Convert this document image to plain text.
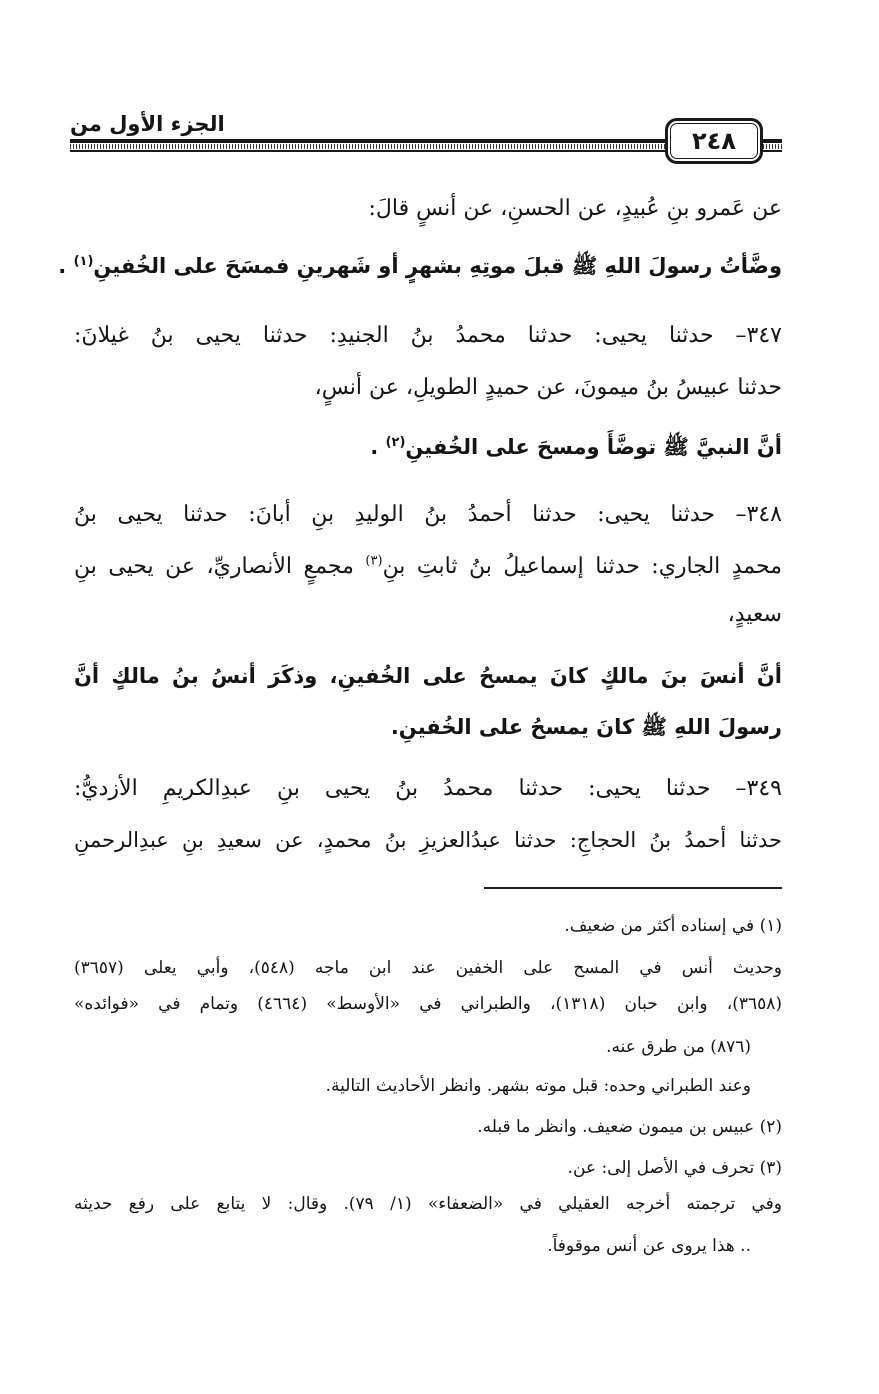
الجزء الأول من
٢٤٨
عن عَمرو بنِ عُبيدٍ، عن الحسنِ، عن أنسٍ قالَ:
وضَّأتُ رسولَ اللهِ ﷺ قبلَ موتِهِ بشهرٍ أو شَهرينِ فمسَحَ على الخُفينِ$^{(١)}$ .
٣٤٧– حدثنا يحيى: حدثنا محمدُ بنُ الجنيدِ: حدثنا يحيى بنُ غيلانَ:
حدثنا عبيسُ بنُ ميمونَ، عن حميدٍ الطويلِ، عن أنسٍ،
أنَّ النبيَّ ﷺ توضَّأَ ومسحَ على الخُفينِ$^{(٢)}$ .
٣٤٨– حدثنا يحيى: حدثنا أحمدُ بنُ الوليدِ بنِ أبانَ: حدثنا يحيى بنُ
محمدٍ الجاري: حدثنا إسماعيلُ بنُ ثابتِ بنِ$^{(٣)}$ مجمعٍ الأنصاريِّ، عن يحيى بنِ
سعيدٍ،
أنَّ أنسَ بنَ مالكٍ كانَ يمسحُ على الخُفينِ، وذكَرَ أنسُ بنُ مالكٍ أنَّ
رسولَ اللهِ ﷺ كانَ يمسحُ على الخُفينِ.
٣٤٩– حدثنا يحيى: حدثنا محمدُ بنُ يحيى بنِ عبدِالكريمِ الأزديُّ:
حدثنا أحمدُ بنُ الحجاجِ: حدثنا عبدُالعزيزِ بنُ محمدٍ، عن سعيدِ بنِ عبدِالرحمنِ
(١) في إسناده أكثر من ضعيف.
وحديث أنس في المسح على الخفين عند ابن ماجه (٥٤٨)، وأبي يعلى (٣٦٥٧)
(٣٦٥٨)، وابن حبان (١٣١٨)، والطبراني في «الأوسط» (٤٦٦٤) وتمام في «فوائده»
(٨٧٦) من طرق عنه.
وعند الطبراني وحده: قبل موته بشهر. وانظر الأحاديث التالية.
(٢) عبيس بن ميمون ضعيف. وانظر ما قبله.
(٣) تحرف في الأصل إلى: عن.
وفي ترجمته أخرجه العقيلي في «الضعفاء» (١/ ٧٩). وقال: لا يتابع على رفع حديثه
.. هذا يروى عن أنس موقوفاً.
